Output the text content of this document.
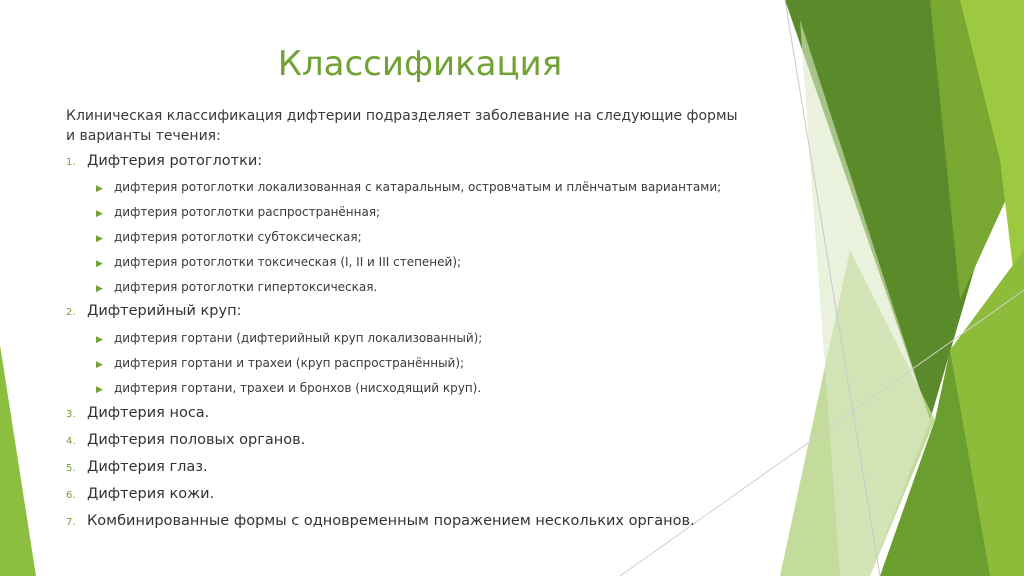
Классификация

Клиническая классификация дифтерии подразделяет заболевание на следующие формы и варианты течения:

1. Дифтерия ротоглотки:
▶ дифтерия ротоглотки локализованная с катаральным, островчатым и плёнчатым вариантами;
▶ дифтерия ротоглотки распространённая;
▶ дифтерия ротоглотки субтоксическая;
▶ дифтерия ротоглотки токсическая (I, II и III степеней);
▶ дифтерия ротоглотки гипертоксическая.
2. Дифтерийный круп:
▶ дифтерия гортани (дифтерийный круп локализованный);
▶ дифтерия гортани и трахеи (круп распространённый);
▶ дифтерия гортани, трахеи и бронхов (нисходящий круп).
3. Дифтерия носа.
4. Дифтерия половых органов.
5. Дифтерия глаз.
6. Дифтерия кожи.
7. Комбинированные формы с одновременным поражением нескольких органов.
